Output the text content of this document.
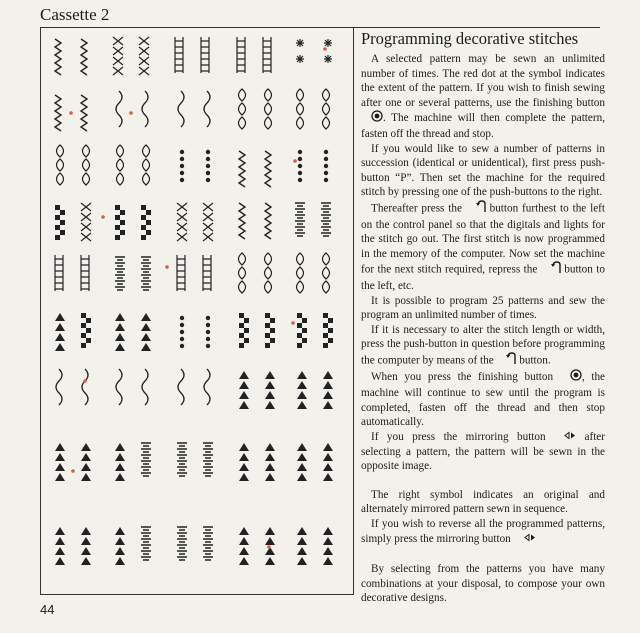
Cassette 2
44
Programming decorative stitches

A selected pattern may be sewn an unlimited number of times. The red dot at the symbol indicates the extent of the pattern. If you wish to finish sewing after one or several patterns, use the finishing button . The machine will then complete the pattern, fasten off the thread and stop.

If you would like to sew a number of patterns in succession (identical or unidentical), first press push-button “P”. Then set the machine for the required stitch by pressing one of the push-buttons to the right.

Thereafter press the button furthest to the left on the control panel so that the digitals and lights for the stitch go out. The first stitch is now programmed in the memory of the computer. Now set the machine for the next stitch required, repress the button to the left, etc.

It is possible to program 25 patterns and sew the program an unlimited number of times.

If it is necessary to alter the stitch length or width, press the push-button in question before programming the computer by means of the button.

When you press the finishing button	, the machine will continue to sew until the program is completed, fasten off the thread and then stop automatically.

If you press the mirroring button	after selecting a pattern, the pattern will be sewn in the opposite image.

The right symbol indicates an original and alternately mirrored pattern sewn in sequence.

If you wish to reverse all the programmed patterns, simply press the mirroring button

By selecting from the patterns you have many combinations at your disposal, to compose your own decorative designs.
